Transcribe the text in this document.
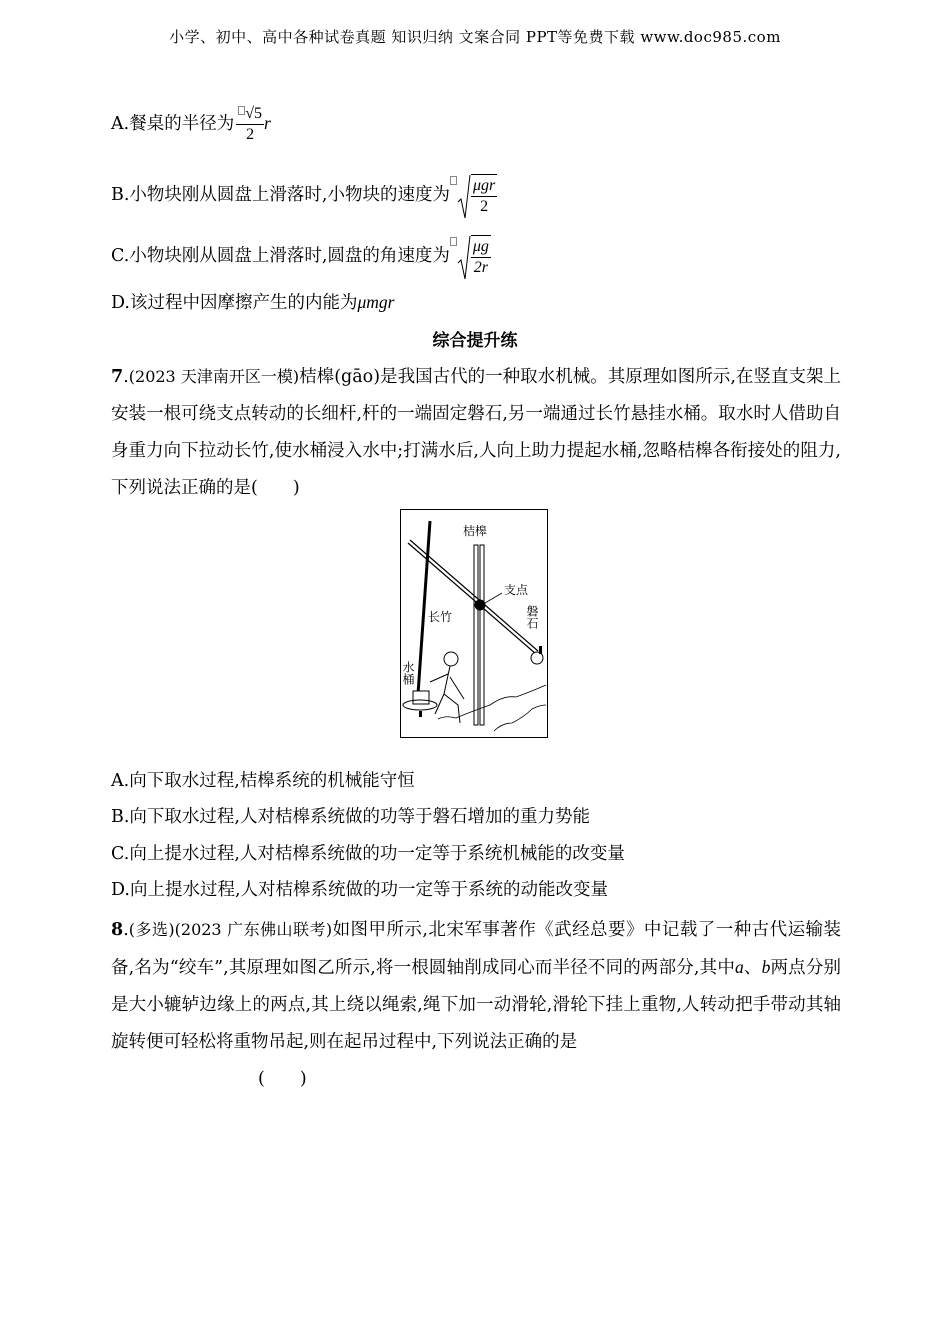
小学、初中、高中各种试卷真题 知识归纳 文案合同 PPT等免费下载 www.doc985.com
A.餐桌的半径为 $\frac{√5}{2}$ r
B.小物块刚从圆盘上滑落时,小物块的速度为 $\frac{\text{μgr}}{2}$
C.小物块刚从圆盘上滑落时,圆盘的角速度为 $\frac{\mu g}{2r}$
D.该过程中因摩擦产生的内能为μmgr
综合提升练
7.(2023 天津南开区一模)桔槔(gāo)是我国古代的一种取水机械。其原理如图所示,在竖直支架上安装一根可绕支点转动的长细杆,杆的一端固定磐石,另一端通过长竹悬挂水桶。取水时人借助自身重力向下拉动长竹,使水桶浸入水中;打满水后,人向上助力提起水桶,忽略桔槔各衔接处的阻力,下列说法正确的是(　　)
桔槔
支点
长竹	磐石
水桶
A.向下取水过程,桔槔系统的机械能守恒
B.向下取水过程,人对桔槔系统做的功等于磐石增加的重力势能
C.向上提水过程,人对桔槔系统做的功一定等于系统机械能的改变量
D.向上提水过程,人对桔槔系统做的功一定等于系统的动能改变量
8.(多选)(2023 广东佛山联考)如图甲所示,北宋军事著作《武经总要》中记载了一种古代运输装备,名为“绞车”,其原理如图乙所示,将一根圆轴削成同心而半径不同的两部分,其中a、b两点分别是大小辘轳边缘上的两点,其上绕以绳索,绳下加一动滑轮,滑轮下挂上重物,人转动把手带动其轴旋转便可轻松将重物吊起,则在起吊过程中,下列说法正确的是
(　　)
